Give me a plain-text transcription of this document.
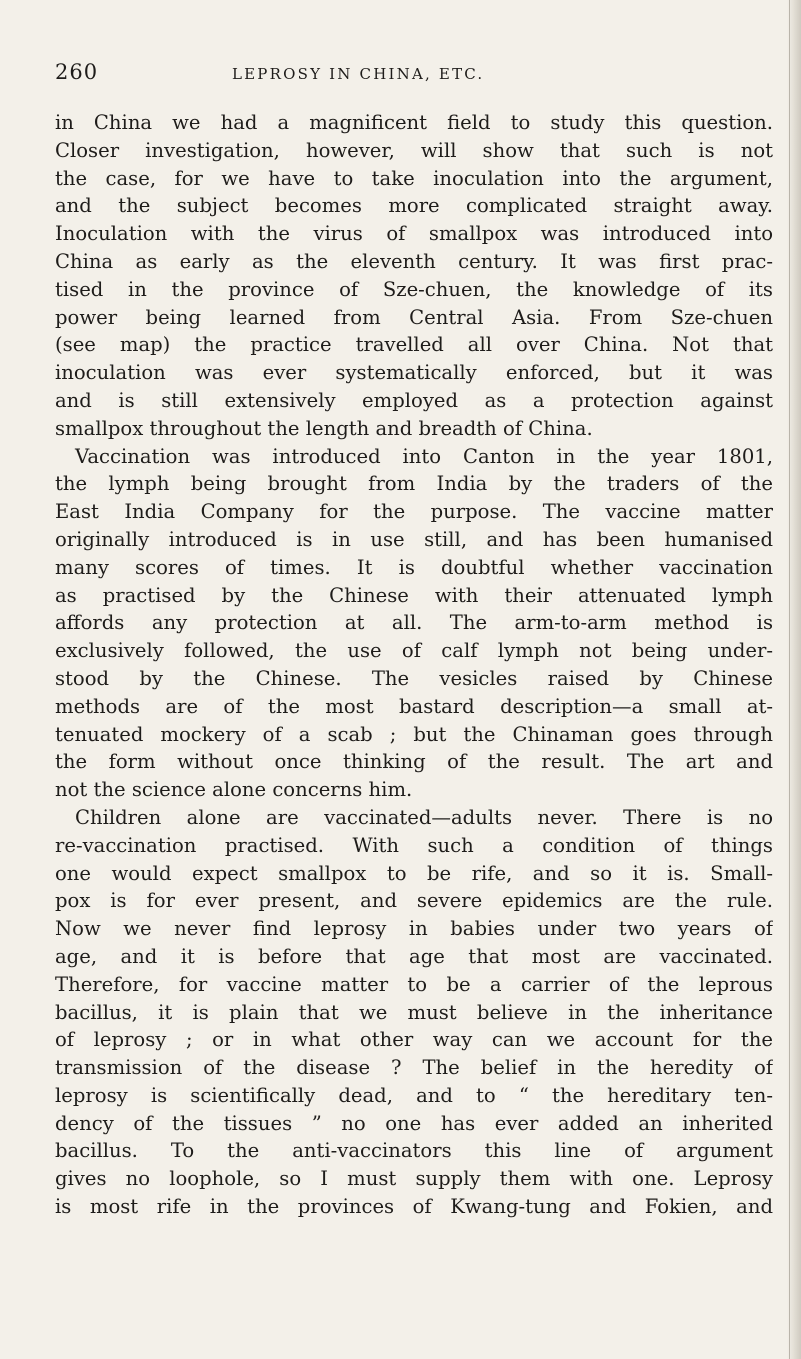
260	LEPROSY IN CHINA, ETC.
in China we had a magnificent field to study this question.
Closer investigation, however, will show that such is not
the case, for we have to take inoculation into the argument,
and the subject becomes more complicated straight away.
Inoculation with the virus of smallpox was introduced into
China as early as the eleventh century. It was first prac-
tised in the province of Sze-chuen, the knowledge of its
power being learned from Central Asia. From Sze-chuen
(see map) the practice travelled all over China. Not that
inoculation was ever systematically enforced, but it was
and is still extensively employed as a protection against
smallpox throughout the length and breadth of China.
Vaccination was introduced into Canton in the year 1801,
the lymph being brought from India by the traders of the
East India Company for the purpose. The vaccine matter
originally introduced is in use still, and has been humanised
many scores of times. It is doubtful whether vaccination
as practised by the Chinese with their attenuated lymph
affords any protection at all. The arm-to-arm method is
exclusively followed, the use of calf lymph not being under-
stood by the Chinese. The vesicles raised by Chinese
methods are of the most bastard description—a small at-
tenuated mockery of a scab ; but the Chinaman goes through
the form without once thinking of the result. The art and
not the science alone concerns him.
Children alone are vaccinated—adults never. There is no
re-vaccination practised. With such a condition of things
one would expect smallpox to be rife, and so it is. Small-
pox is for ever present, and severe epidemics are the rule.
Now we never find leprosy in babies under two years of
age, and it is before that age that most are vaccinated.
Therefore, for vaccine matter to be a carrier of the leprous
bacillus, it is plain that we must believe in the inheritance
of leprosy ; or in what other way can we account for the
transmission of the disease ? The belief in the heredity of
leprosy is scientifically dead, and to “ the hereditary ten-
dency of the tissues ” no one has ever added an inherited
bacillus. To the anti-vaccinators this line of argument
gives no loophole, so I must supply them with one. Leprosy
is most rife in the provinces of Kwang-tung and Fokien, and
